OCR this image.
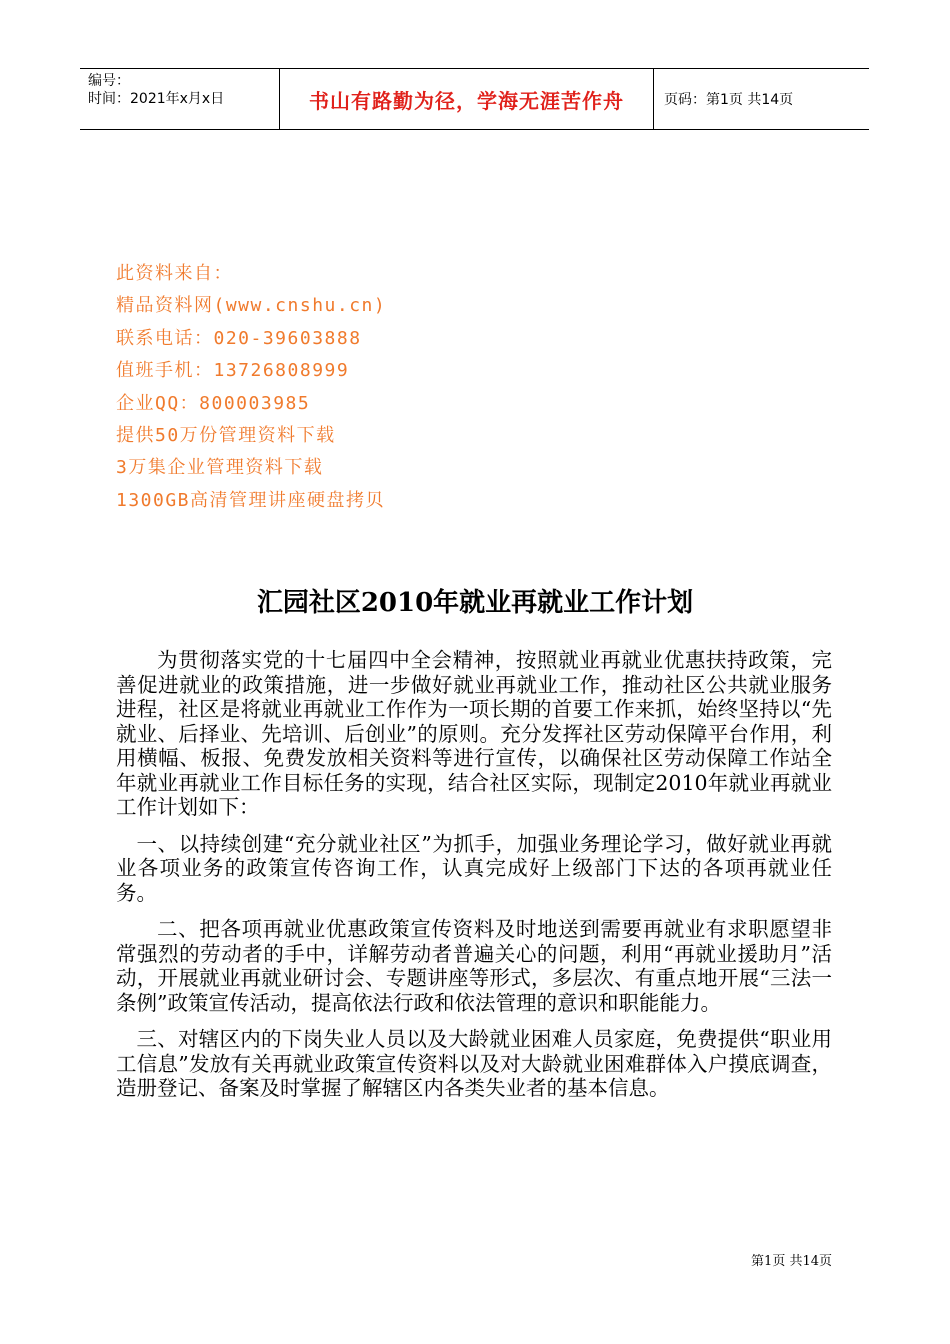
编号：
时间：2021年x月x日	书山有路勤为径，学海无涯苦作舟	页码：第1页 共14页
此资料来自：
精品资料网(www.cnshu.cn)
联系电话：020-39603888
值班手机：13726808999
企业QQ：800003985
提供50万份管理资料下载
3万集企业管理资料下载
1300GB高清管理讲座硬盘拷贝
汇园社区2010年就业再就业工作计划

为贯彻落实党的十七届四中全会精神，按照就业再就业优惠扶持政策，完善促进就业的政策措施，进一步做好就业再就业工作，推动社区公共就业服务进程，社区是将就业再就业工作作为一项长期的首要工作来抓，始终坚持以“先就业、后择业、先培训、后创业”的原则。充分发挥社区劳动保障平台作用，利用横幅、板报、免费发放相关资料等进行宣传，以确保社区劳动保障工作站全年就业再就业工作目标任务的实现，结合社区实际，现制定2010年就业再就业工作计划如下：

一、以持续创建“充分就业社区”为抓手，加强业务理论学习，做好就业再就业各项业务的政策宣传咨询工作，认真完成好上级部门下达的各项再就业任务。

二、把各项再就业优惠政策宣传资料及时地送到需要再就业有求职愿望非常强烈的劳动者的手中，详解劳动者普遍关心的问题，利用“再就业援助月”活动，开展就业再就业研讨会、专题讲座等形式，多层次、有重点地开展“三法一条例”政策宣传活动，提高依法行政和依法管理的意识和职能能力。

三、对辖区内的下岗失业人员以及大龄就业困难人员家庭，免费提供“职业用工信息”发放有关再就业政策宣传资料以及对大龄就业困难群体入户摸底调查，造册登记、备案及时掌握了解辖区内各类失业者的基本信息。

第1页 共14页
